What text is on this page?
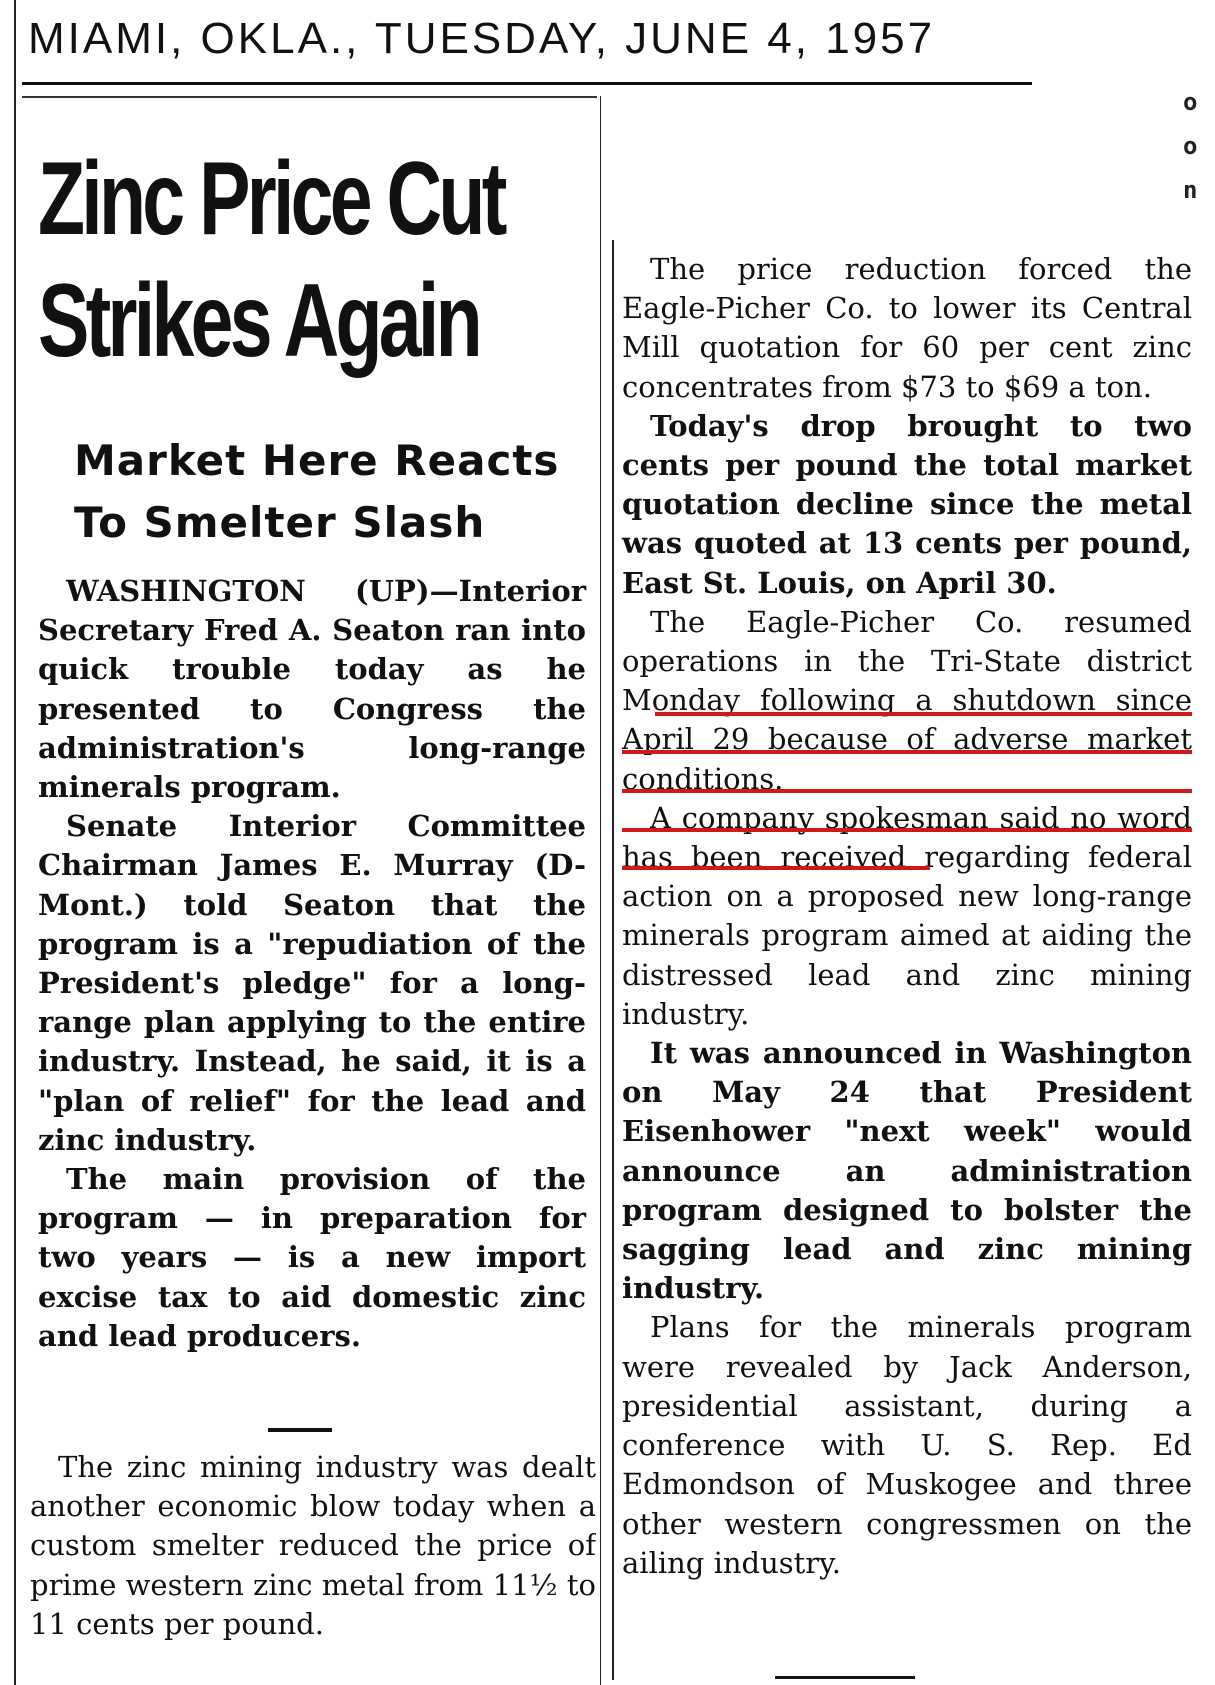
MIAMI, OKLA., TUESDAY, JUNE 4, 1957
o
o
n
Zinc Price Cut
Strikes Again
Market Here Reacts
To Smelter Slash

WASHINGTON (UP)—Interior Secretary Fred A. Seaton ran into quick trouble today as he presented to Congress the administration's long-range minerals program.

Senate Interior Committee Chairman James E. Murray (D-Mont.) told Seaton that the program is a "repudiation of the President's pledge" for a long-range plan applying to the entire industry. Instead, he said, it is a "plan of relief" for the lead and zinc industry.

The main provision of the program — in preparation for two years — is a new import excise tax to aid domestic zinc and lead producers.

The zinc mining industry was dealt another economic blow today when a custom smelter reduced the price of prime western zinc metal from 11½ to 11 cents per pound.

The price reduction forced the Eagle-Picher Co. to lower its Central Mill quotation for 60 per cent zinc concentrates from $73 to $69 a ton.

Today's drop brought to two cents per pound the total market quotation decline since the metal was quoted at 13 cents per pound, East St. Louis, on April 30.

The Eagle-Picher Co. resumed operations in the Tri-State district Monday following a shutdown since April 29 because of adverse market conditions.

A company spokesman said no word has been received regarding federal action on a proposed new long-range minerals program aimed at aiding the distressed lead and zinc mining industry.

It was announced in Washington on May 24 that President Eisenhower "next week" would announce an administration program designed to bolster the sagging lead and zinc mining industry.

Plans for the minerals program were revealed by Jack Anderson, presidential assistant, during a conference with U. S. Rep. Ed Edmondson of Muskogee and three other western congressmen on the ailing industry.
